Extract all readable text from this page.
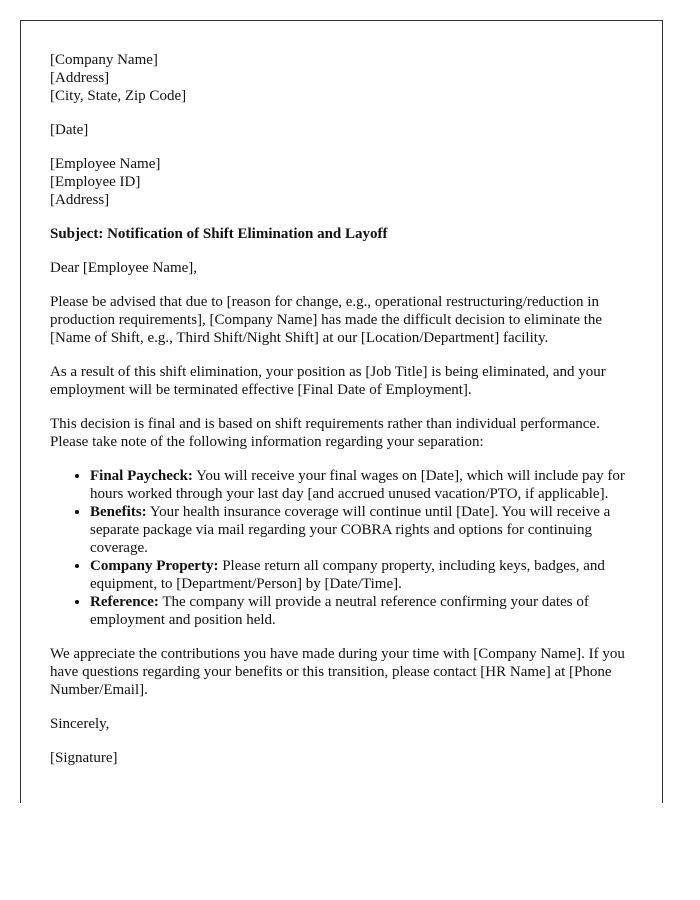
[Company Name]
[Address]
[City, State, Zip Code]

[Date]

[Employee Name]
[Employee ID]
[Address]

Subject: Notification of Shift Elimination and Layoff

Dear [Employee Name],

Please be advised that due to [reason for change, e.g., operational restructuring/reduction in production requirements], [Company Name] has made the difficult decision to eliminate the [Name of Shift, e.g., Third Shift/Night Shift] at our [Location/Department] facility.

As a result of this shift elimination, your position as [Job Title] is being eliminated, and your employment will be terminated effective [Final Date of Employment].

This decision is final and is based on shift requirements rather than individual performance. Please take note of the following information regarding your separation:

• Final Paycheck: You will receive your final wages on [Date], which will include pay for hours worked through your last day [and accrued unused vacation/PTO, if applicable].
• Benefits: Your health insurance coverage will continue until [Date]. You will receive a separate package via mail regarding your COBRA rights and options for continuing coverage.
• Company Property: Please return all company property, including keys, badges, and equipment, to [Department/Person] by [Date/Time].
• Reference: The company will provide a neutral reference confirming your dates of employment and position held.

We appreciate the contributions you have made during your time with [Company Name]. If you have questions regarding your benefits or this transition, please contact [HR Name] at [Phone Number/Email].

Sincerely,

[Signature]
